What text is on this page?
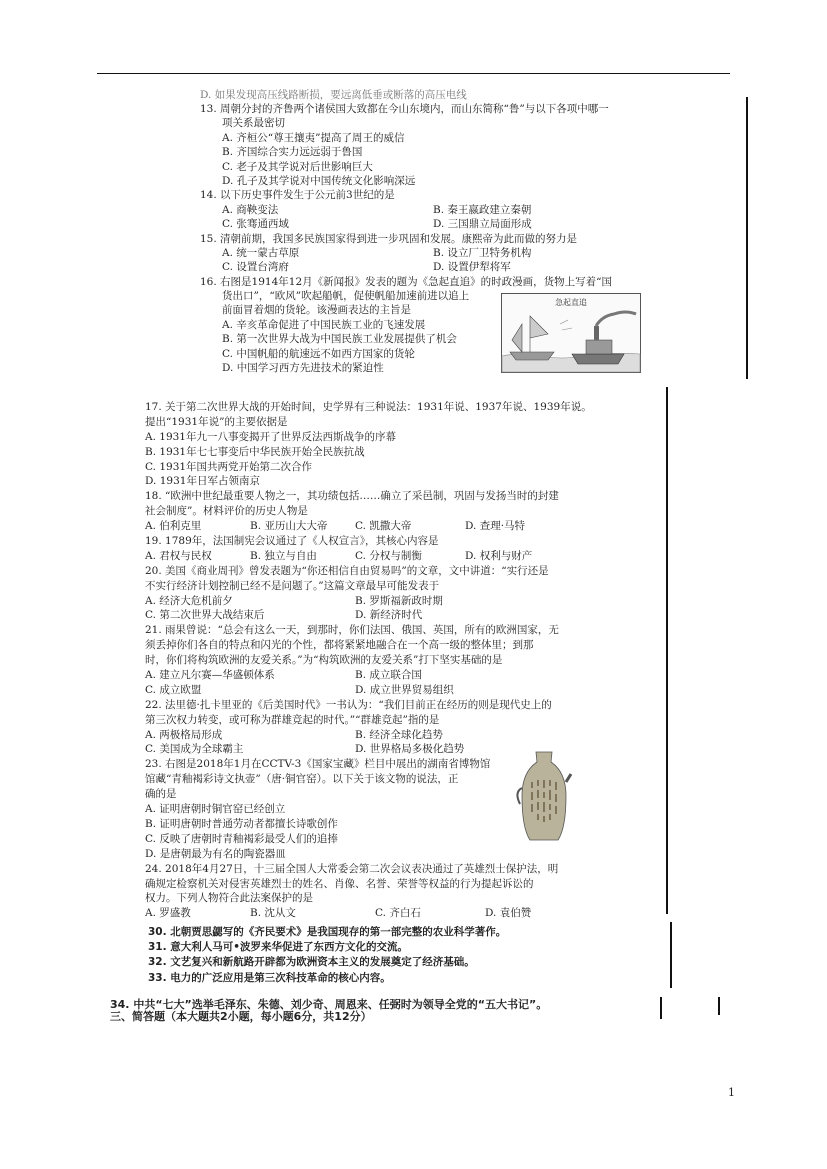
D. 如果发现高压线路断损，要远离低垂或断落的高压电线
13. 周朝分封的齐鲁两个诸侯国大致都在今山东境内，而山东简称“鲁”与以下各项中哪一
项关系最密切
A. 齐桓公“尊王攘夷”提高了周王的威信
B. 齐国综合实力远远弱于鲁国
C. 老子及其学说对后世影响巨大
D. 孔子及其学说对中国传统文化影响深远
14. 以下历史事件发生于公元前3世纪的是
A. 商鞅变法	B. 秦王嬴政建立秦朝
C. 张骞通西域	D. 三国鼎立局面形成
15. 清朝前期，我国多民族国家得到进一步巩固和发展。康熙帝为此而做的努力是
A. 统一蒙古草原	B. 设立厂卫特务机构
C. 设置台湾府	D. 设置伊犁将军
16. 右图是1914年12月《新闻报》发表的题为《急起直追》的时政漫画，货物上写着“国
货出口”，“欧风”吹起船帆，促使帆船加速前进以追上
前面冒着烟的货轮。该漫画表达的主旨是
A. 辛亥革命促进了中国民族工业的飞速发展
B. 第一次世界大战为中国民族工业发展提供了机会
C. 中国帆船的航速远不如西方国家的货轮
D. 中国学习西方先进技术的紧迫性
急起直追
17. 关于第二次世界大战的开始时间，史学界有三种说法：1931年说、1937年说、1939年说。
提出“1931年说”的主要依据是
A. 1931年九一八事变揭开了世界反法西斯战争的序幕
B. 1931年七七事变后中华民族开始全民族抗战
C. 1931年国共两党开始第二次合作
D. 1931年日军占领南京
18. “欧洲中世纪最重要人物之一，其功绩包括……确立了采邑制，巩固与发扬当时的封建
社会制度”。材料评价的历史人物是
A. 伯利克里	B. 亚历山大大帝	C. 凯撒大帝	D. 查理·马特
19. 1789年，法国制宪会议通过了《人权宣言》，其核心内容是
A. 君权与民权	B. 独立与自由	C. 分权与制衡	D. 权利与财产
20. 美国《商业周刊》曾发表题为“你还相信自由贸易吗”的文章，文中讲道：“实行还是
不实行经济计划控制已经不是问题了。”这篇文章最早可能发表于
A. 经济大危机前夕	B. 罗斯福新政时期
C. 第二次世界大战结束后	D. 新经济时代
21. 雨果曾说：“总会有这么一天，到那时，你们法国、俄国、英国，所有的欧洲国家，无
须丢掉你们各自的特点和闪光的个性，都将紧紧地融合在一个高一级的整体里；到那
时，你们将构筑欧洲的友爱关系。”为“构筑欧洲的友爱关系”打下坚实基础的是
A. 建立凡尔赛—华盛顿体系	B. 成立联合国
C. 成立欧盟	D. 成立世界贸易组织
22. 法里德·扎卡里亚的《后美国时代》一书认为：“我们目前正在经历的则是现代史上的
第三次权力转变，或可称为群雄竞起的时代。”“群雄竞起”指的是
A. 两极格局形成	B. 经济全球化趋势
C. 美国成为全球霸主	D. 世界格局多极化趋势
23. 右图是2018年1月在CCTV-3《国家宝藏》栏目中展出的湖南省博物馆
馆藏“青釉褐彩诗文执壶”（唐·铜官窑）。以下关于该文物的说法，正
确的是
A. 证明唐朝时铜官窑已经创立
B. 证明唐朝时普通劳动者都擅长诗歌创作
C. 反映了唐朝时青釉褐彩最受人们的追捧
D. 是唐朝最为有名的陶瓷器皿
24. 2018年4月27日，十三届全国人大常委会第二次会议表决通过了英雄烈士保护法，明
确规定检察机关对侵害英雄烈士的姓名、肖像、名誉、荣誉等权益的行为提起诉讼的
权力。下列人物符合此法案保护的是
A. 罗盛教	B. 沈从文	C. 齐白石	D. 袁伯赞
30. 北朝贾思勰写的《齐民要术》是我国现存的第一部完整的农业科学著作。
31. 意大利人马可•波罗来华促进了东西方文化的交流。
32. 文艺复兴和新航路开辟都为欧洲资本主义的发展奠定了经济基础。
33. 电力的广泛应用是第三次科技革命的核心内容。
34. 中共“七大”选举毛泽东、朱德、刘少奇、周恩来、任弼时为领导全党的“五大书记”。
三、简答题（本大题共2小题，每小题6分，共12分）
1
